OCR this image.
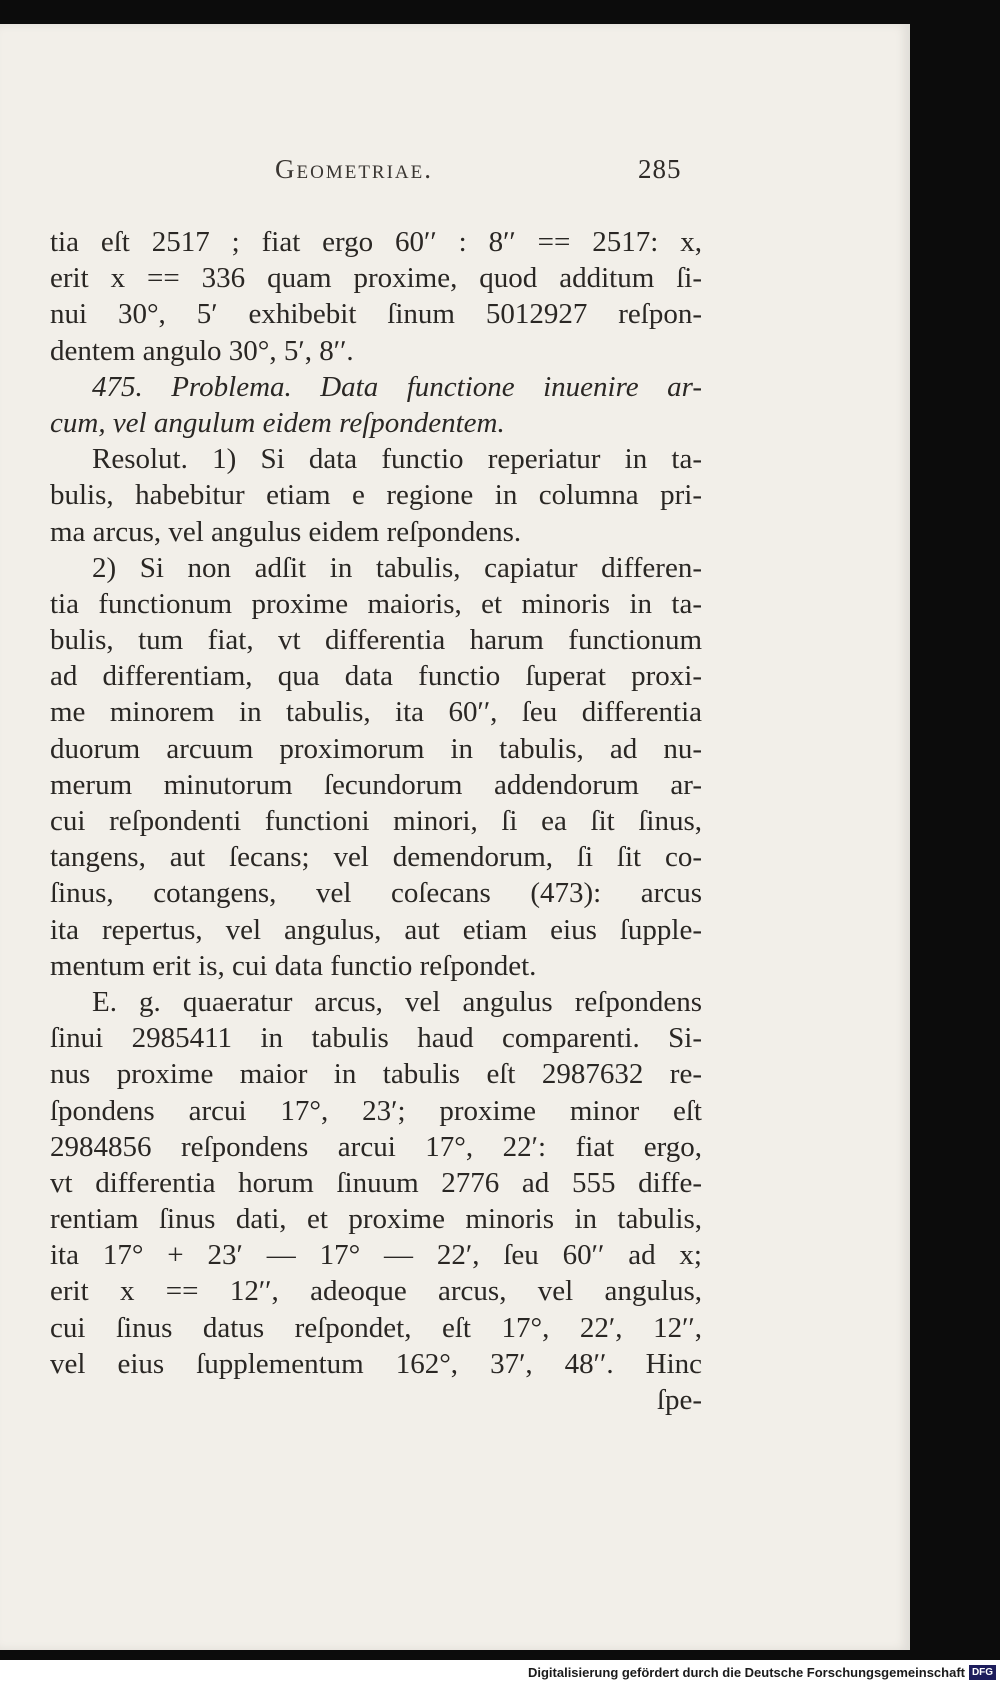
Geometriae.	285
tia eſt 2517 ; fiat ergo 60ʹʹ : 8ʹʹ == 2517: x,
erit x == 336 quam proxime, quod additum ſi-
nui 30°, 5ʹ exhibebit ſinum 5012927 reſpon-
dentem angulo 30°, 5ʹ, 8ʹʹ.
475. Problema. Data functione inuenire ar-
cum, vel angulum eidem reſpondentem.
Resolut. 1) Si data functio reperiatur in ta-
bulis, habebitur etiam e regione in columna pri-
ma arcus, vel angulus eidem reſpondens.
2) Si non adſit in tabulis, capiatur differen-
tia functionum proxime maioris, et minoris in ta-
bulis, tum fiat, vt differentia harum functionum
ad differentiam, qua data functio ſuperat proxi-
me minorem in tabulis, ita 60ʹʹ, ſeu differentia
duorum arcuum proximorum in tabulis, ad nu-
merum minutorum ſecundorum addendorum ar-
cui reſpondenti functioni minori, ſi ea ſit ſinus,
tangens, aut ſecans; vel demendorum, ſi ſit co-
ſinus, cotangens, vel coſecans (473): arcus
ita repertus, vel angulus, aut etiam eius ſupple-
mentum erit is, cui data functio reſpondet.
E. g. quaeratur arcus, vel angulus reſpondens
ſinui 2985411 in tabulis haud comparenti. Si-
nus proxime maior in tabulis eſt 2987632 re-
ſpondens arcui 17°, 23ʹ; proxime minor eſt
2984856 reſpondens arcui 17°, 22ʹ: fiat ergo,
vt differentia horum ſinuum 2776 ad 555 diffe-
rentiam ſinus dati, et proxime minoris in tabulis,
ita 17° + 23ʹ — 17° — 22ʹ, ſeu 60ʹʹ ad x;
erit x == 12ʹʹ, adeoque arcus, vel angulus,
cui ſinus datus reſpondet, eſt 17°, 22ʹ, 12ʹʹ,
vel eius ſupplementum 162°, 37ʹ, 48ʹʹ. Hinc
ſpe-
Digitalisierung gefördert durch die Deutsche Forschungsgemeinschaft DFG
